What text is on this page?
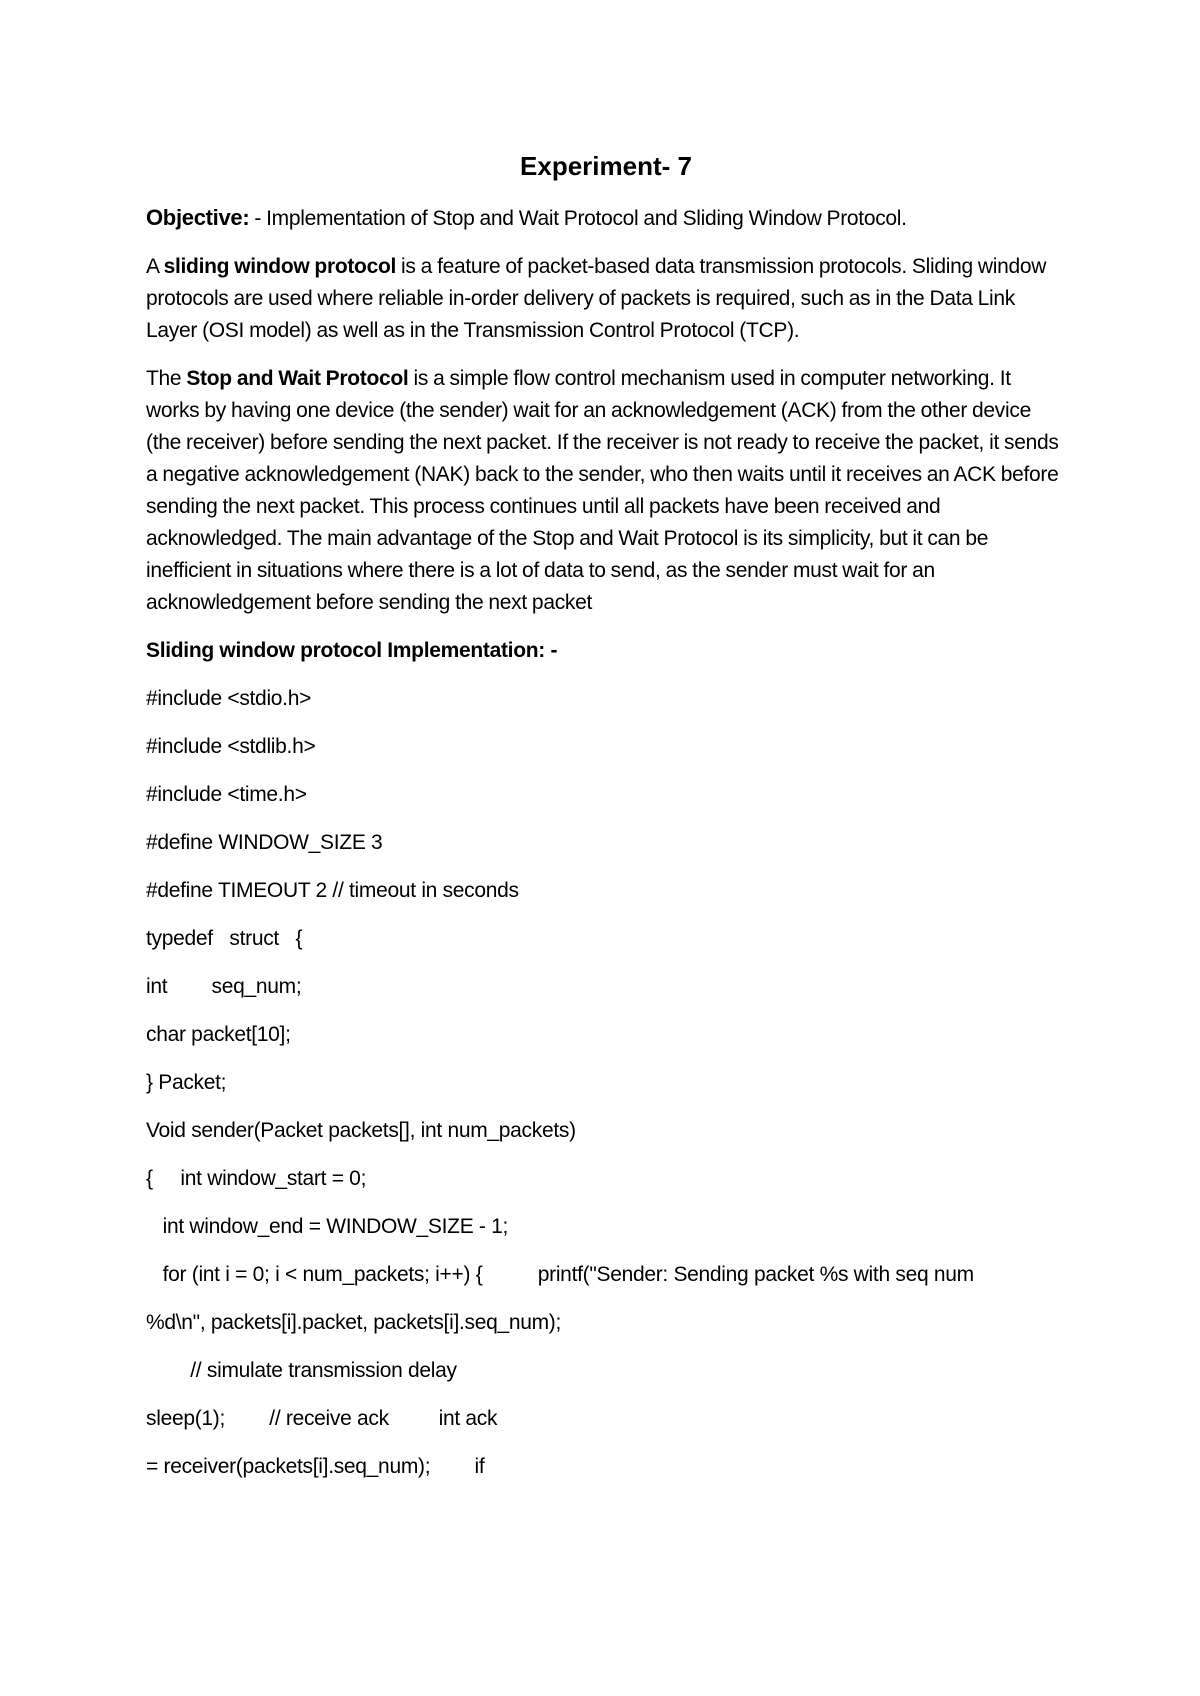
Experiment- 7

Objective: - Implementation of Stop and Wait Protocol and Sliding Window Protocol.

A sliding window protocol is a feature of packet-based data transmission protocols. Sliding window protocols are used where reliable in-order delivery of packets is required, such as in the Data Link Layer (OSI model) as well as in the Transmission Control Protocol (TCP).

The Stop and Wait Protocol is a simple flow control mechanism used in computer networking. It works by having one device (the sender) wait for an acknowledgement (ACK) from the other device (the receiver) before sending the next packet. If the receiver is not ready to receive the packet, it sends a negative acknowledgement (NAK) back to the sender, who then waits until it receives an ACK before sending the next packet. This process continues until all packets have been received and acknowledged. The main advantage of the Stop and Wait Protocol is its simplicity, but it can be inefficient in situations where there is a lot of data to send, as the sender must wait for an acknowledgement before sending the next packet

Sliding window protocol Implementation: -
#include <stdio.h>
#include <stdlib.h>
#include <time.h>
#define WINDOW_SIZE 3
#define TIMEOUT 2 // timeout in seconds
typedef   struct   {
int        seq_num;
char packet[10];
} Packet;
Void sender(Packet packets[], int num_packets)
{     int window_start = 0;
int window_end = WINDOW_SIZE - 1;
for (int i = 0; i < num_packets; i++) {          printf("Sender: Sending packet %s with seq num
%d\n", packets[i].packet, packets[i].seq_num);
// simulate transmission delay
sleep(1);        // receive ack         int ack
= receiver(packets[i].seq_num);        if
